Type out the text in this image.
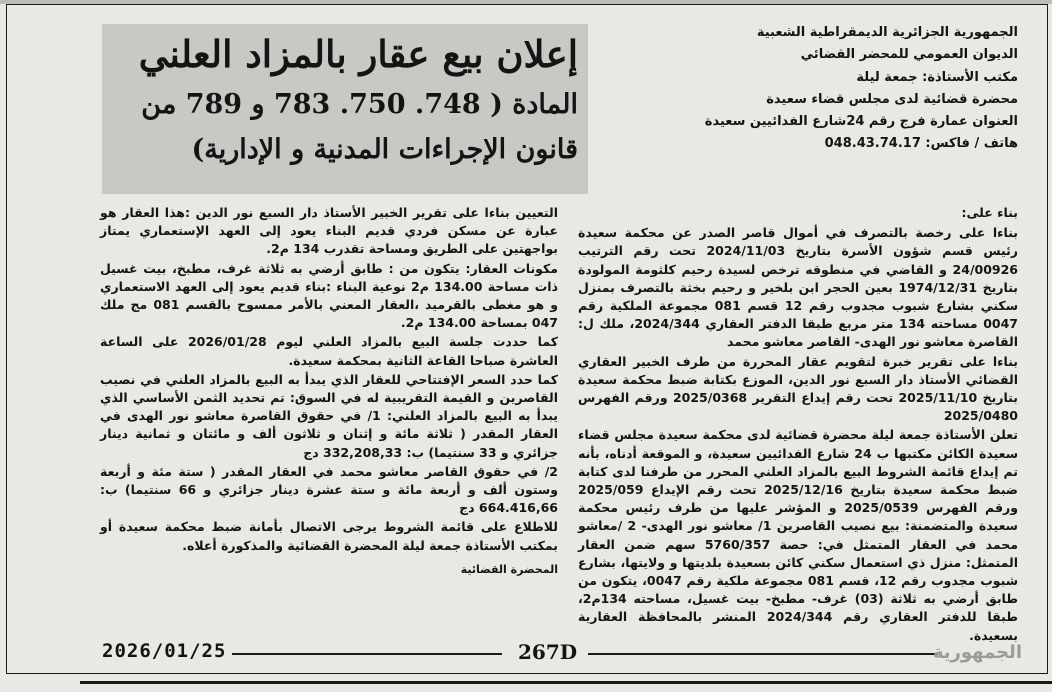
الجمهورية الجزائرية الديمقراطية الشعبية
الديوان العمومي للمحضر القضائي
مكتب الأستاذة: جمعة ليلة
محضرة قضائية لدى مجلس قضاء سعيدة
العنوان عمارة فرج رقم 24شارع الفدائيين سعيدة
هاتف / فاكس: 048.43.74.17
إعلان بيع عقار بالمزاد العلني
المادة ( 748. 750. 783 و 789 من
قانون الإجراءات المدنية و الإدارية)

بناء على:

بناءا على رخصة بالتصرف في أموال قاصر الصدر عن محكمة سعيدة رئيس قسم شؤون الأسرة بتاريخ 2024/11/03 تحت رقم الترتيب 24/00926 و القاضي في منطوقه ترخص لسيدة رحيم كلثومة المولودة بتاريخ 1974/12/31 بعين الحجر ابن بلخير و رحيم بخثة بالتصرف بمنزل سكني بشارع شبوب مجدوب رقم 12 قسم 081 مجموعة الملكية رقم 0047 مساحته 134 متر مربع طبقا الدفتر العقاري 2024/344، ملك ل: القاصرة معاشو نور الهدى- القاصر معاشو محمد

بناءا على تقرير خبرة لتقويم عقار المحررة من طرف الخبير العقاري القضائي الأستاذ دار السبع نور الدين، الموزع بكتابة ضبط محكمة سعيدة بتاريخ 2025/11/10 تحت رقم إيداع التقرير 2025/0368 ورقم الفهرس 2025/0480

تعلن الأستاذة جمعة ليلة محضرة قضائية لدى محكمة سعيدة مجلس قضاء سعيدة الكائن مكتبها ب 24 شارع الفدائيين سعيدة، و الموقعة أدناه، بأنه تم إيداع قائمة الشروط البيع بالمزاد العلني المحرر من طرفنا لدى كتابة ضبط محكمة سعيدة بتاريخ 2025/12/16 تحت رقم الإيداع 2025/059 ورقم الفهرس 2025/0539 و المؤشر عليها من طرف رئيس محكمة سعيدة والمتضمنة: بيع نصيب القاصرين 1/ معاشو نور الهدى- 2 /معاشو محمد في العقار المتمثل في: حصة 5760/357 سهم ضمن العقار المتمثل: منزل ذي استعمال سكني كائن بسعيدة بلديتها و ولايتها، بشارع شبوب مجدوب رقم 12، قسم 081 مجموعة ملكية رقم 0047، يتكون من طابق أرضي به ثلاثة (03) غرف- مطبخ- بيت غسيل، مساحته 134م2، طبقا للدفتر العقاري رقم 2024/344 المنشر بالمحافظة العقارية بسعيدة.

التعيين بناءا على تقرير الخبير الأستاذ دار السبع نور الدين :هذا العقار هو عبارة عن مسكن فردي قديم البناء يعود إلى العهد الإستعماري يمتاز بواجهتين على الطريق ومساحة تقدرب 134 م2.

مكونات العقار: يتكون من : طابق أرضي به ثلاثة غرف، مطبخ، بيت غسيل ذات مساحة 134.00 م2 نوعية البناء :بناء قديم يعود إلى العهد الاستعماري و هو مغطى بالقرميد ،العقار المعني بالأمر ممسوح بالقسم 081 مج ملك 047 بمساحة 134.00 م2.

كما حددت جلسة البيع بالمزاد العلني ليوم 2026/01/28 على الساعة العاشرة صباحا القاعة الثانية بمحكمة سعيدة.

كما حدد السعر الإفتتاحي للعقار الذي يبدأ به البيع بالمزاد العلني في نصيب القاصرين و القيمة التقريبية له في السوق: تم تحديد الثمن الأساسي الذي يبدأ به البيع بالمزاد العلني: 1/ في حقوق القاصرة معاشو نور الهدى في العقار المقدر ( ثلاثة مائة و إثنان و ثلاثون ألف و مائتان و ثمانية دينار جزائري و 33 سنتيما) ب: 332,208,33 دج

2/ في حقوق القاصر معاشو محمد في العقار المقدر ( ستة مئة و أربعة وستون ألف و أربعة مائة و ستة عشرة دينار جزائري و 66 سنتيما) ب: 664.416,66 دج

للاطلاع على قائمة الشروط يرجى الاتصال بأمانة ضبط محكمة سعيدة أو بمكتب الأستاذة جمعة ليلة المحضرة القضائية والمذكورة أعلاه.

المحضرة القضائية
2026/01/25	267D	الجمهورية
